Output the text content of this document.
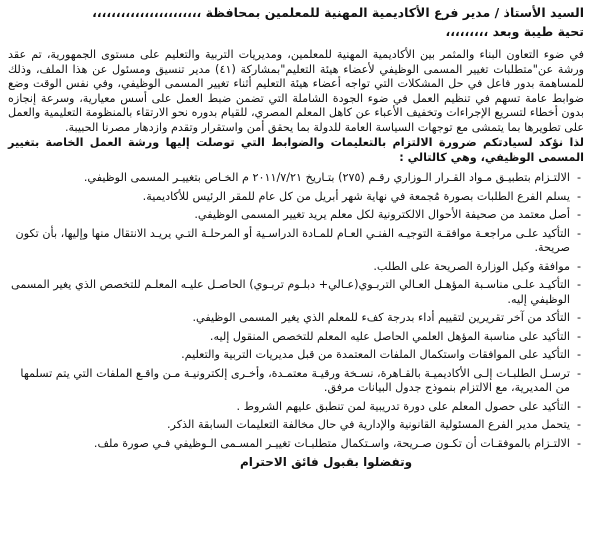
السيد الأستاذ / مدير فرع الأكاديمية المهنية للمعلمين بمحافظة ،،،،،،،،،،،،،،،،،،،،،،،

تحية طيبة وبعد ،،،،،،،،،

في ضوء التعاون البناء والمثمر بين الأكاديمية المهنية للمعلمين، ومديريات التربية والتعليم على مستوى الجمهورية، تم عقد ورشة عن"متطلبات تغيير المسمى الوظيفي لأعضاء هيئة التعليم"بمشاركة (٤١) مدير تنسيق ومسئول عن هذا الملف، وذلك للمساهمة بدور فاعل في حل المشكلات التي تواجه أعضاء هيئة التعليم أثناء تغيير المسمى الوظيفي، وفي نفس الوقت وضع ضوابط عامة تسهم في تنظيم العمل في ضوء الجودة الشاملة التي تضمن ضبط العمل على أسس معيارية، وسرعة إنجازه بدون أخطاء لتسريع الإجراءات وتخفيف الأعباء عن كاهل المعلم المصري، للقيام بدوره نحو الارتقاء بالمنظومة التعليمية والعمل على تطويرها بما يتمشى مع توجهات السياسة العامة للدولة بما يحقق أمن واستقرار وتقدم وازدهار مصرنا الحبيبة.

لذا نؤكد لسيادتكم ضرورة الالتزام بالتعليمات والضوابط التي توصلت إليها ورشة العمل الخاصة بتغيير المسمى الوظيفي، وهي كالتالي :

-
الالتـزام بتطبيـق مـواد القـرار الـوزاري رقـم (٢٧٥) بتـاريخ ٢٠١١/٧/٢١ م الخـاص بتغييـر المسمى الوظيفي.
-
يسلم الفرع الطلبات بصورة مُجمعة في نهاية شهر أبريل من كل عام للمقر الرئيس للأكاديمية.
-
أصل معتمد من صحيفة الأحوال الالكترونية لكل معلم يريد تغيير المسمى الوظيفي.
-
التأكيد علـى مراجعـة موافقـة التوجيـه الفنـي العـام للمـادة الدراسـية أو المرحلـة التـي يريـد الانتقال منها وإليها، بأن تكون صريحة.
-
موافقة وكيل الوزارة الصريحة على الطلب.
-
التأكيـد علـى مناسـبة المؤهـل العـالي التربـوي(عـالي+ دبلـوم تربـوي) الحاصـل عليـه المعلـم للتخصص الذي يغير المسمى الوظيفي إليه.
-
التأكد من آخر تقريرين لتقييم أداء بدرجة كفء للمعلم الذي يغير المسمى الوظيفي.
-
التأكيد على مناسبة المؤهل العلمي الحاصل عليه المعلم للتخصص المنقول إليه.
-
التأكيد على الموافقات واستكمال الملفات المعتمدة من قبل مديريات التربية والتعليم.
-
ترسـل الطلبـات إلـى الأكاديميـة بالقـاهرة، نسـخة ورقيـة معتمـدة، وأخـرى إلكترونيـة مـن واقـع الملفات التي يتم تسلمها من المديرية، مع الالتزام بنموذج جدول البيانات مرفق.
-
التأكيد على حصول المعلم على دورة تدريبية لمن تنطبق عليهم الشروط .
-
يتحمل مدير الفرع المسئولية القانونية والإدارية في حال مخالفة التعليمات السابقة الذكر.
-
الالتـزام بالموفقـات أن تكـون صـريحة، واسـتكمال متطلبـات تغييـر المسـمى الـوظيفي فـي صورة ملف.
وتفضلوا بقبول فائق الاحترام
